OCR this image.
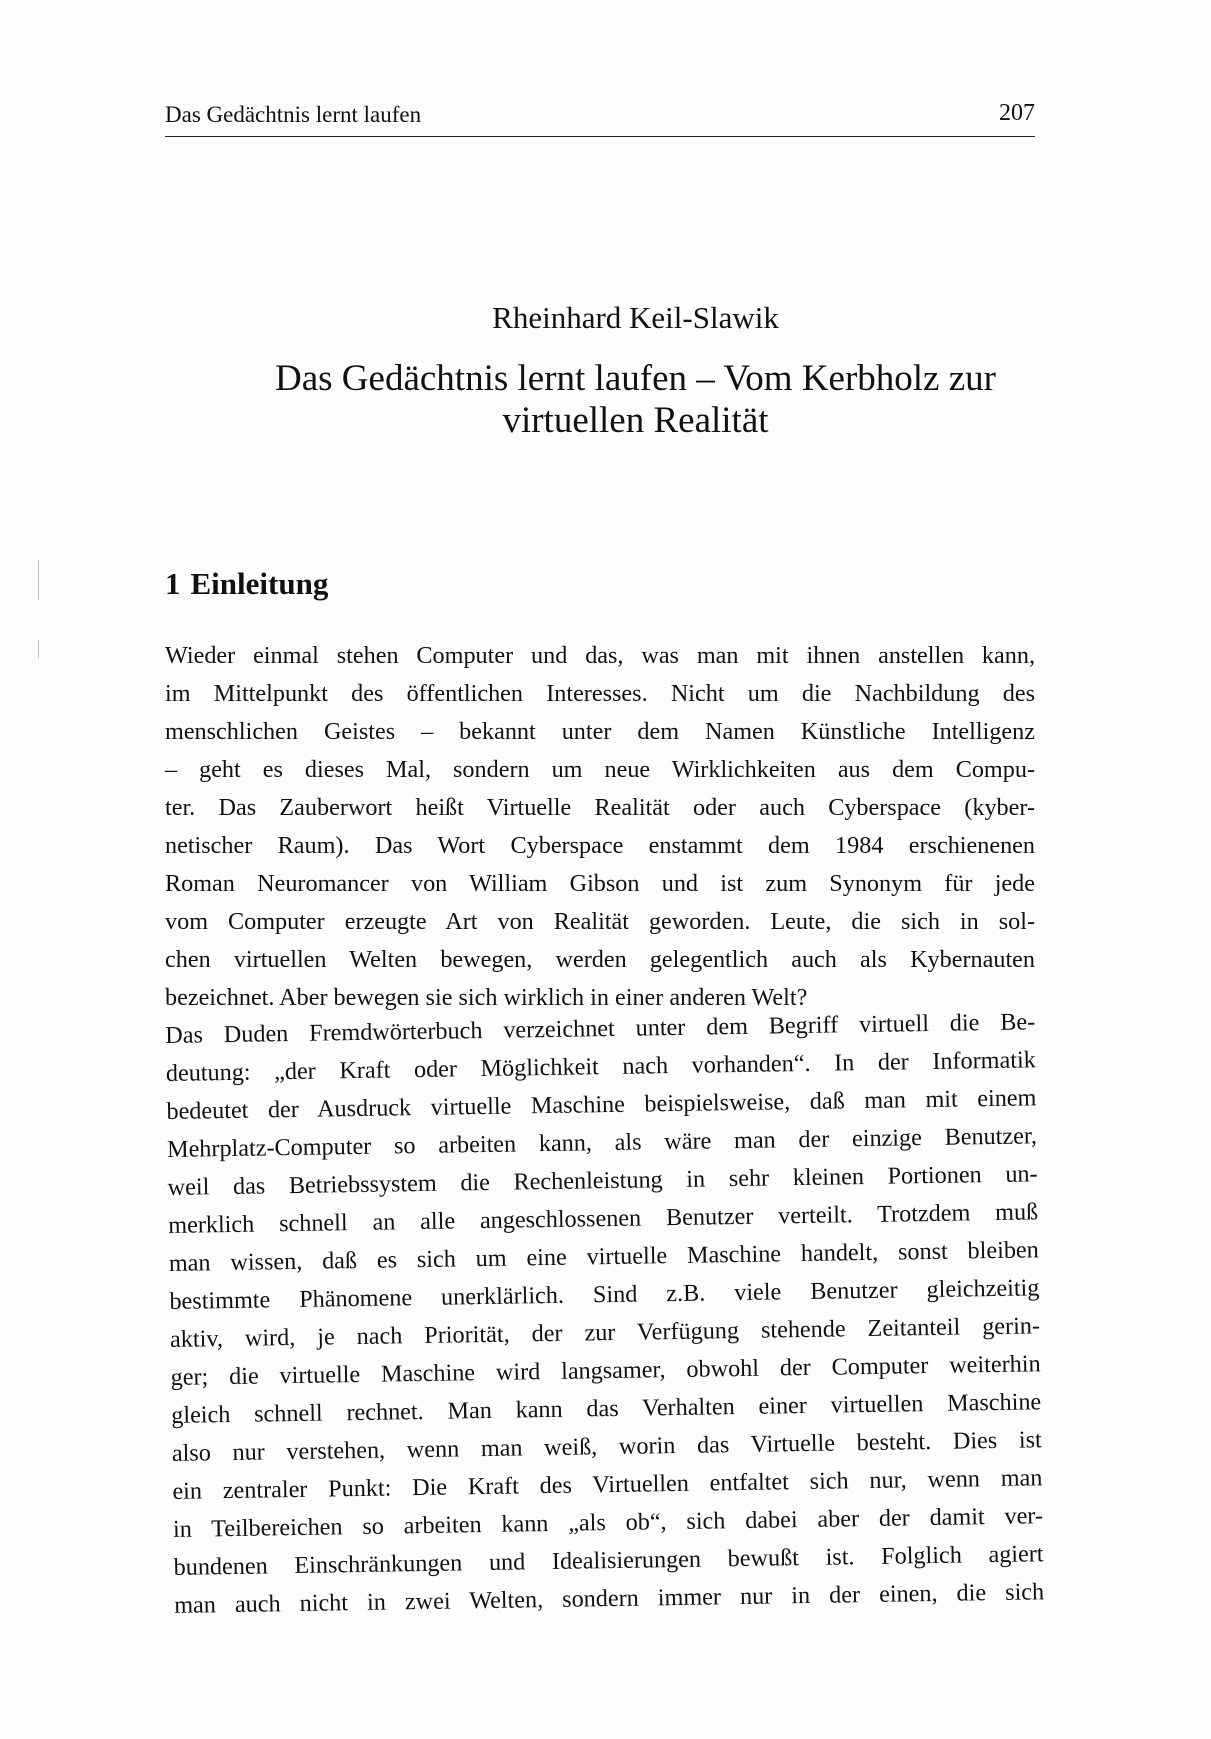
Das Gedächtnis lernt laufen	207
Rheinhard Keil-Slawik
Das Gedächtnis lernt laufen – Vom Kerbholz zur
virtuellen Realität
1 Einleitung
Wieder einmal stehen Computer und das, was man mit ihnen anstellen kann,
im Mittelpunkt des öffentlichen Interesses. Nicht um die Nachbildung des
menschlichen Geistes – bekannt unter dem Namen Künstliche Intelligenz
– geht es dieses Mal, sondern um neue Wirklichkeiten aus dem Compu-
ter. Das Zauberwort heißt Virtuelle Realität oder auch Cyberspace (kyber-
netischer Raum). Das Wort Cyberspace enstammt dem 1984 erschienenen
Roman Neuromancer von William Gibson und ist zum Synonym für jede
vom Computer erzeugte Art von Realität geworden. Leute, die sich in sol-
chen virtuellen Welten bewegen, werden gelegentlich auch als Kybernauten
bezeichnet. Aber bewegen sie sich wirklich in einer anderen Welt?
Das Duden Fremdwörterbuch verzeichnet unter dem Begriff virtuell die Be-
deutung: „der Kraft oder Möglichkeit nach vorhanden“. In der Informatik
bedeutet der Ausdruck virtuelle Maschine beispielsweise, daß man mit einem
Mehrplatz-Computer so arbeiten kann, als wäre man der einzige Benutzer,
weil das Betriebssystem die Rechenleistung in sehr kleinen Portionen un-
merklich schnell an alle angeschlossenen Benutzer verteilt. Trotzdem muß
man wissen, daß es sich um eine virtuelle Maschine handelt, sonst bleiben
bestimmte Phänomene unerklärlich. Sind z.B. viele Benutzer gleichzeitig
aktiv, wird, je nach Priorität, der zur Verfügung stehende Zeitanteil gerin-
ger; die virtuelle Maschine wird langsamer, obwohl der Computer weiterhin
gleich schnell rechnet. Man kann das Verhalten einer virtuellen Maschine
also nur verstehen, wenn man weiß, worin das Virtuelle besteht. Dies ist
ein zentraler Punkt: Die Kraft des Virtuellen entfaltet sich nur, wenn man
in Teilbereichen so arbeiten kann „als ob“, sich dabei aber der damit ver-
bundenen Einschränkungen und Idealisierungen bewußt ist. Folglich agiert
man auch nicht in zwei Welten, sondern immer nur in der einen, die sich
